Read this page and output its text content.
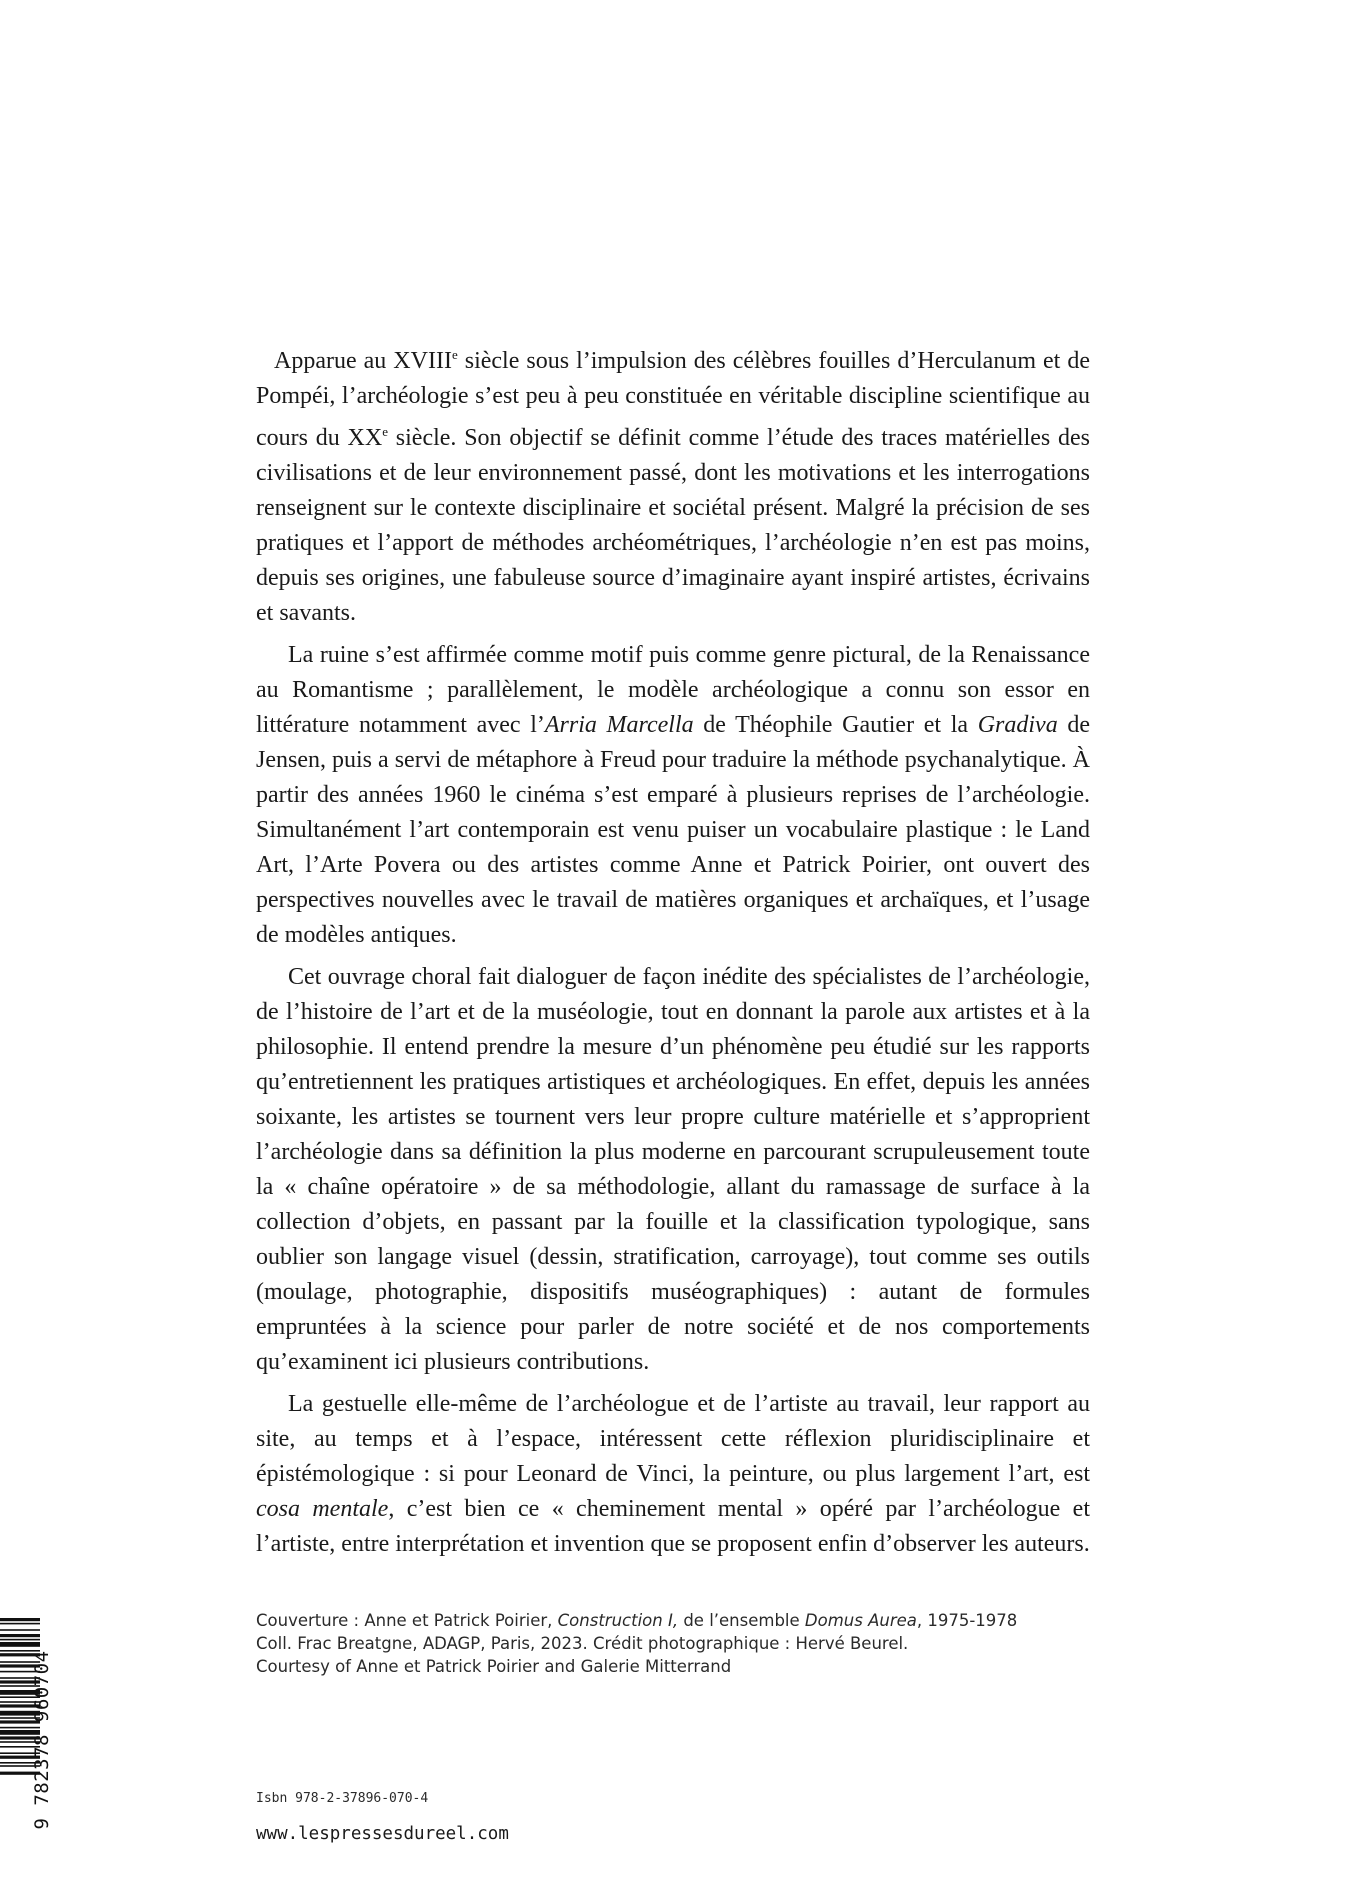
Apparue au XVIIIe siècle sous l’impulsion des célèbres fouilles d’Herculanum et de Pompéi, l’archéologie s’est peu à peu constituée en véritable discipline scientifique au cours du XXe siècle. Son objectif se définit comme l’étude des traces matérielles des civilisations et de leur environnement passé, dont les motivations et les interrogations renseignent sur le contexte disciplinaire et sociétal présent. Malgré la précision de ses pratiques et l’apport de méthodes archéométriques, l’archéologie n’en est pas moins, depuis ses origines, une fabuleuse source d’imaginaire ayant inspiré artistes, écrivains et savants.

La ruine s’est affirmée comme motif puis comme genre pictural, de la Renaissance au Romantisme ; parallèlement, le modèle archéologique a connu son essor en littérature notamment avec l’Arria Marcella de Théophile Gautier et la Gradiva de Jensen, puis a servi de métaphore à Freud pour traduire la méthode psychanalytique. À partir des années 1960 le cinéma s’est emparé à plusieurs reprises de l’archéologie. Simultanément l’art contemporain est venu puiser un vocabulaire plastique : le Land Art, l’Arte Povera ou des artistes comme Anne et Patrick Poirier, ont ouvert des perspectives nouvelles avec le travail de matières organiques et archaïques, et l’usage de modèles antiques.

Cet ouvrage choral fait dialoguer de façon inédite des spécialistes de l’archéologie, de l’histoire de l’art et de la muséologie, tout en donnant la parole aux artistes et à la philosophie. Il entend prendre la mesure d’un phénomène peu étudié sur les rapports qu’entretiennent les pratiques artistiques et archéologiques. En effet, depuis les années soixante, les artistes se tournent vers leur propre culture matérielle et s’approprient l’archéologie dans sa définition la plus moderne en parcourant scrupuleusement toute la « chaîne opératoire » de sa méthodologie, allant du ramassage de surface à la collection d’objets, en passant par la fouille et la classification typologique, sans oublier son langage visuel (dessin, stratification, carroyage), tout comme ses outils (moulage, photographie, dispositifs muséographiques) : autant de formules empruntées à la science pour parler de notre société et de nos comportements qu’examinent ici plusieurs contributions.

La gestuelle elle-même de l’archéologue et de l’artiste au travail, leur rapport au site, au temps et à l’espace, intéressent cette réflexion pluridisciplinaire et épistémologique : si pour Leonard de Vinci, la peinture, ou plus largement l’art, est cosa mentale, c’est bien ce « cheminement mental » opéré par l’archéologue et l’artiste, entre interprétation et invention que se proposent enfin d’observer les auteurs.

Couverture : Anne et Patrick Poirier, Construction I, de l’ensemble Domus Aurea, 1975-1978
Coll. Frac Breatgne, ADAGP, Paris, 2023. Crédit photographique : Hervé Beurel.
Courtesy of Anne et Patrick Poirier and Galerie Mitterrand
Isbn 978-2-37896-070-4
www.lespressesdureel.com
9 782378 960704
